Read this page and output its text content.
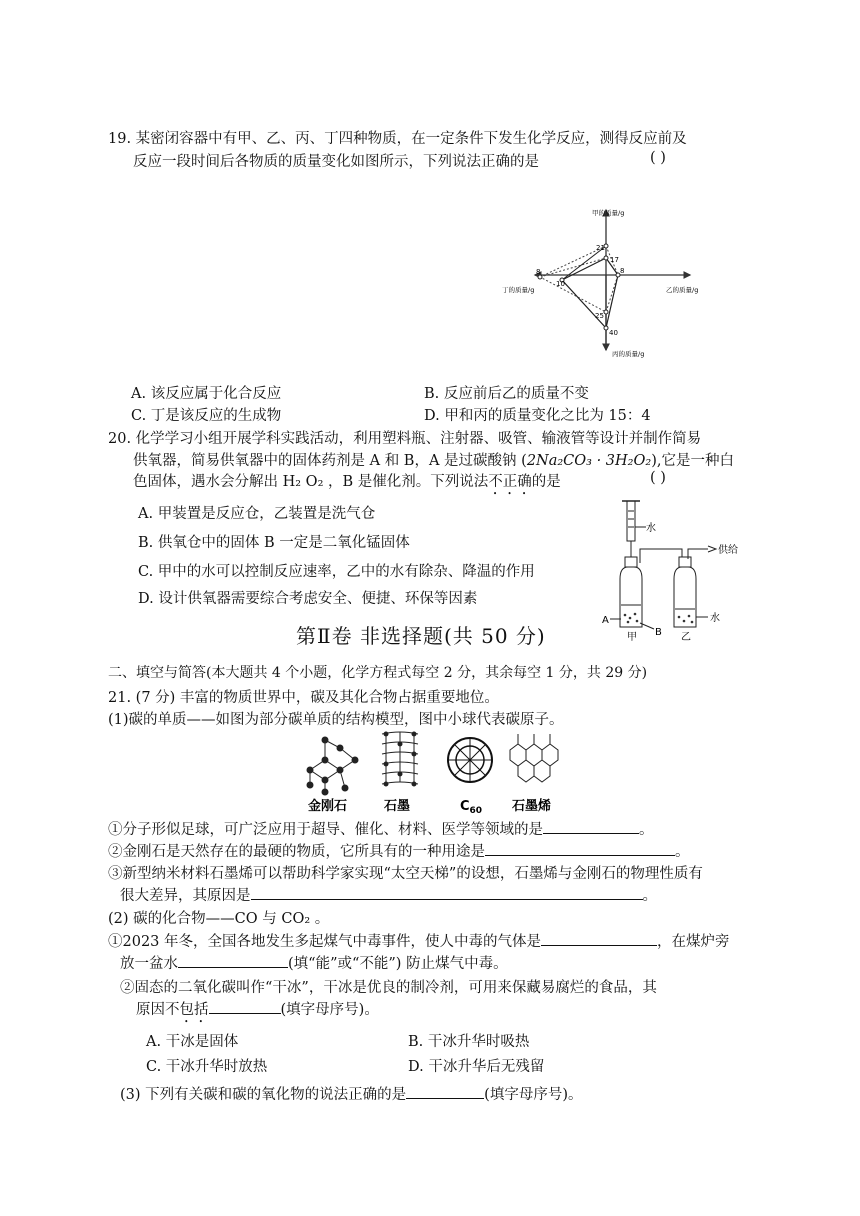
19. 某密闭容器中有甲、乙、丙、丁四种物质，在一定条件下发生化学反应，测得反应前及
反应一段时间后各物质的质量变化如图所示，下列说法正确的是	( )
甲的质量/g
乙的质量/g
丁的质量/g
丙的质量/g
21
17
8
8
10
25
40
A. 该反应属于化合反应	B. 反应前后乙的质量不变
C. 丁是该反应的生成物	D. 甲和丙的质量变化之比为 15：4
20. 化学学习小组开展学科实践活动，利用塑料瓶、注射器、吸管、输液管等设计并制作简易
供氧器，简易供氧器中的固体药剂是 A 和 B，A 是过碳酸钠 (2Na₂CO₃ · 3H₂O₂),它是一种白
色固体，遇水会分解出 H₂ O₂ ，B 是催化剂。下列说法不正确的是	( )
A. 甲装置是反应仓，乙装置是洗气仓
B. 供氧仓中的固体 B 一定是二氧化锰固体
C. 甲中的水可以控制反应速率，乙中的水有除杂、降温的作用
D. 设计供氧器需要综合考虑安全、便捷、环保等因素
水
供给
水
A
B
甲	乙
第Ⅱ卷 非选择题(共 50 分)
二、填空与简答(本大题共 4 个小题，化学方程式每空 2 分，其余每空 1 分，共 29 分)
21. (7 分) 丰富的物质世界中，碳及其化合物占据重要地位。
(1)碳的单质——如图为部分碳单质的结构模型，图中小球代表碳原子。
金刚石	石墨	$C_{60}$ 石墨烯
①分子形似足球，可广泛应用于超导、催化、材料、医学等领域的是	。
②金刚石是天然存在的最硬的物质，它所具有的一种用途是	。
③新型纳米材料石墨烯可以帮助科学家实现“太空天梯”的设想，石墨烯与金刚石的物理性质有
很大差异，其原因是	。
(2) 碳的化合物——CO 与 CO₂ 。
①2023 年冬，全国各地发生多起煤气中毒事件，使人中毒的气体是	，在煤炉旁
放一盆水	(填“能”或“不能”) 防止煤气中毒。
②固态的二氧化碳叫作“干冰”，干冰是优良的制冷剂，可用来保藏易腐烂的食品，其
原因不包括	(填字母序号)。
A. 干冰是固体	B. 干冰升华时吸热
C. 干冰升华时放热	D. 干冰升华后无残留
(3) 下列有关碳和碳的氧化物的说法正确的是	(填字母序号)。
